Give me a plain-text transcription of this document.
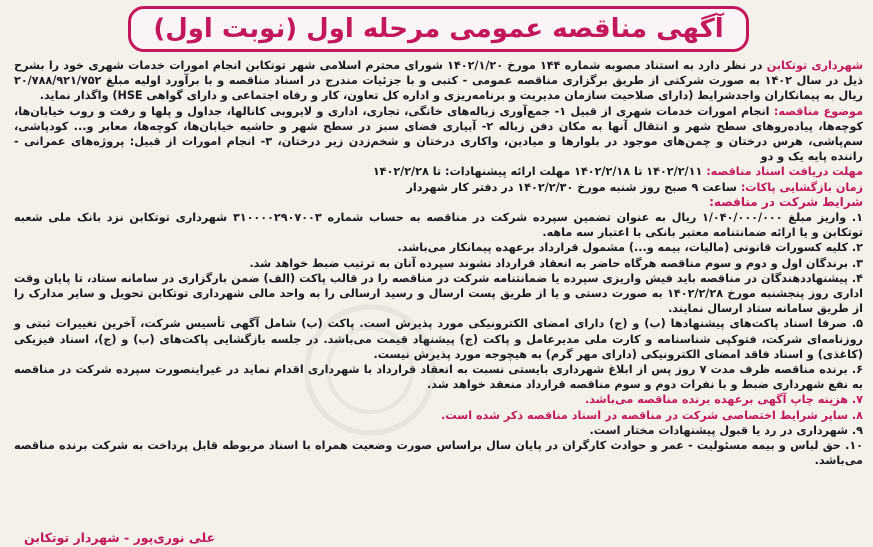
آگهی مناقصه عمومی مرحله اول (نوبت اول)

شهرداری توتکابن در نظر دارد به استناد مصوبه شماره ۱۴۴ مورخ ۱۴۰۲/۱/۲۰ شورای محترم اسلامی شهر توتکابن انجام امورات خدمات شهری خود را بشرح ذیل در سال ۱۴۰۲ به صورت شرکتی از طریق برگزاری مناقصه عمومی - کتبی و با جزئیات مندرج در اسناد مناقصه و با برآورد اولیه مبلغ ۲۰/۷۸۸/۹۲۱/۷۵۲ ریال به پیمانکاران واجدشرایط (دارای صلاحیت سازمان مدیریت و برنامه‌ریزی و اداره کل تعاون، کار و رفاه اجتماعی و دارای گواهی HSE) واگذار نماید.

موضوع مناقصه: انجام امورات خدمات شهری از قبیل ۱- جمع‌آوری زباله‌های خانگی، تجاری، اداری و لایروبی کانالها، جداول و پلها و رفت و روب خیابان‌ها، کوچه‌ها، پیاده‌روهای سطح شهر و انتقال آنها به مکان دفن زباله ۲- آبیاری فضای سبز در سطح شهر و حاشیه خیابان‌ها، کوچه‌ها، معابر و... کودپاشی، سم‌پاشی، هرس درختان و چمن‌های موجود در بلوارها و میادین، واکاری درختان و شخم‌زدن زیر درختان، ۳- انجام امورات از قبیل: پروژه‌های عمرانی - راننده پایه یک و دو

مهلت دریافت اسناد مناقصه: ۱۴۰۲/۲/۱۱ تا ۱۴۰۲/۲/۱۸ مهلت ارائه پیشنهادات: تا ۱۴۰۲/۲/۲۸

زمان بازگشایی پاکات: ساعت ۹ صبح روز شنبه مورخ ۱۴۰۲/۲/۳۰ در دفتر کار شهردار

شرایط شرکت در مناقصه:

۱. واریز مبلغ ۱/۰۴۰/۰۰۰/۰۰۰ ریال به عنوان تضمین سپرده شرکت در مناقصه به حساب شماره ۳۱۰۰۰۰۲۹۰۷۰۰۳ شهرداری توتکابن نزد بانک ملی شعبه توتکابن و یا ارائه ضمانتنامه معتبر بانکی با اعتبار سه ماهه.
۲. کلیه کسورات قانونی (مالیات، بیمه و...) مشمول قرارداد برعهده پیمانکار می‌باشد.
۳. برندگان اول و دوم و سوم مناقصه هرگاه حاضر به انعقاد قرارداد نشوند سپرده آنان به ترتیب ضبط خواهد شد.
۴. پیشنهاددهندگان در مناقصه باید فیش واریزی سپرده یا ضمانتنامه شرکت در مناقصه را در قالب پاکت (الف) ضمن بارگزاری در سامانه ستاد، تا پایان وقت اداری روز پنجشنبه مورخ ۱۴۰۲/۲/۲۸ به صورت دستی و یا از طریق پست ارسال و رسید ارسالی را به واحد مالی شهرداری توتکابن تحویل و سایر مدارک را از طریق سامانه ستاد ارسال نمایند.
۵. صرفا اسناد پاکت‌های پیشنهادها (ب) و (ج) دارای امضای الکترونیکی مورد پذیرش است. پاکت (ب) شامل آگهی تأسیس شرکت، آخرین تغییرات ثبتی و روزنامه‌ای شرکت، فتوکپی شناسنامه و کارت ملی مدیرعامل و پاکت (ج) پیشنهاد قیمت می‌باشد. در جلسه بازگشایی پاکت‌های (ب) و (ج)، اسناد فیزیکی (کاغذی) و اسناد فاقد امضای الکترونیکی (دارای مهر گرم) به هیچوجه مورد پذیرش نیست.
۶. برنده مناقصه ظرف مدت ۷ روز پس از ابلاغ شهرداری بایستی نسبت به انعقاد قرارداد با شهرداری اقدام نماید در غیراینصورت سپرده شرکت در مناقصه به نفع شهرداری ضبط و با نفرات دوم و سوم مناقصه قرارداد منعقد خواهد شد.
۷. هزینه چاپ آگهی برعهده برنده مناقصه می‌باشد.
۸. سایر شرایط اختصاصی شرکت در مناقصه در اسناد مناقصه ذکر شده است.
۹. شهرداری در رد یا قبول پیشنهادات مختار است.
۱۰. حق لباس و بیمه مسئولیت - عمر و حوادث کارگران در پایان سال براساس صورت وضعیت همراه با اسناد مربوطه قابل پرداخت به شرکت برنده مناقصه می‌باشد.
علی نوری‌پور - شهردار توتکابن
